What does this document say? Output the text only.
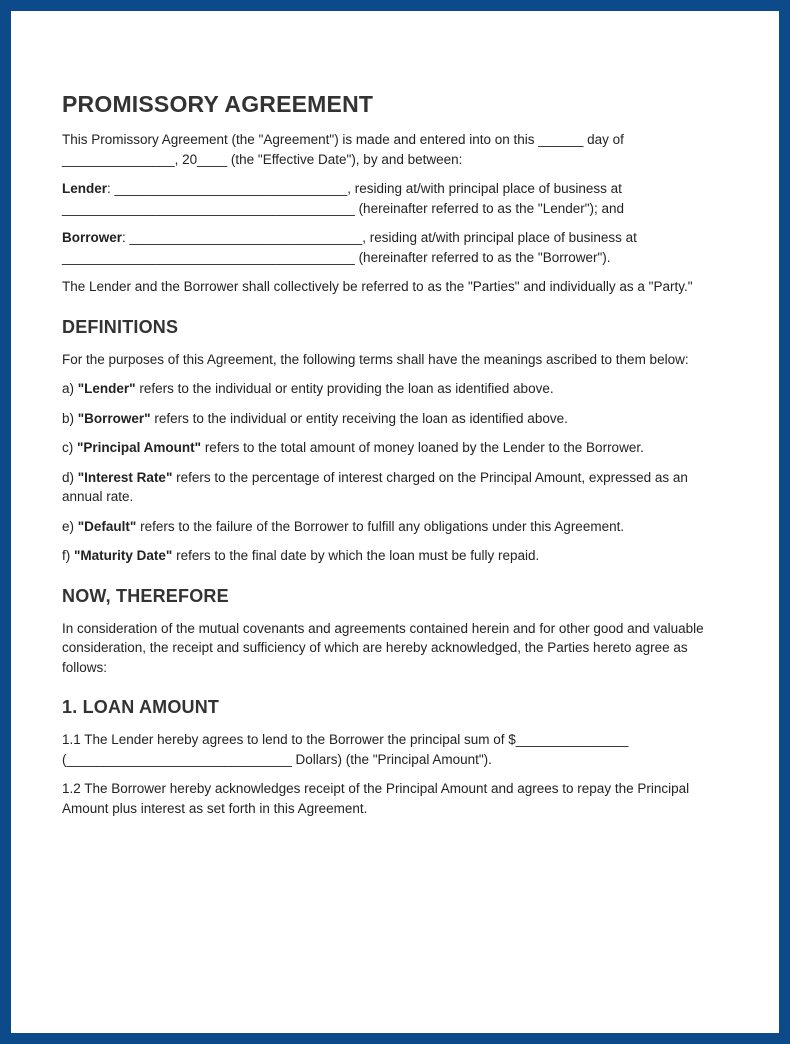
PROMISSORY AGREEMENT

This Promissory Agreement (the "Agreement") is made and entered into on this ______ day of _______________, 20____ (the "Effective Date"), by and between:

Lender: _______________________________, residing at/with principal place of business at _______________________________________ (hereinafter referred to as the "Lender"); and

Borrower: _______________________________, residing at/with principal place of business at _______________________________________ (hereinafter referred to as the "Borrower").

The Lender and the Borrower shall collectively be referred to as the "Parties" and individually as a "Party."

DEFINITIONS

For the purposes of this Agreement, the following terms shall have the meanings ascribed to them below:

a) "Lender" refers to the individual or entity providing the loan as identified above.

b) "Borrower" refers to the individual or entity receiving the loan as identified above.

c) "Principal Amount" refers to the total amount of money loaned by the Lender to the Borrower.

d) "Interest Rate" refers to the percentage of interest charged on the Principal Amount, expressed as an annual rate.

e) "Default" refers to the failure of the Borrower to fulfill any obligations under this Agreement.

f) "Maturity Date" refers to the final date by which the loan must be fully repaid.

NOW, THEREFORE

In consideration of the mutual covenants and agreements contained herein and for other good and valuable consideration, the receipt and sufficiency of which are hereby acknowledged, the Parties hereto agree as follows:

1. LOAN AMOUNT

1.1 The Lender hereby agrees to lend to the Borrower the principal sum of $_______________ (______________________________ Dollars) (the "Principal Amount").

1.2 The Borrower hereby acknowledges receipt of the Principal Amount and agrees to repay the Principal Amount plus interest as set forth in this Agreement.
